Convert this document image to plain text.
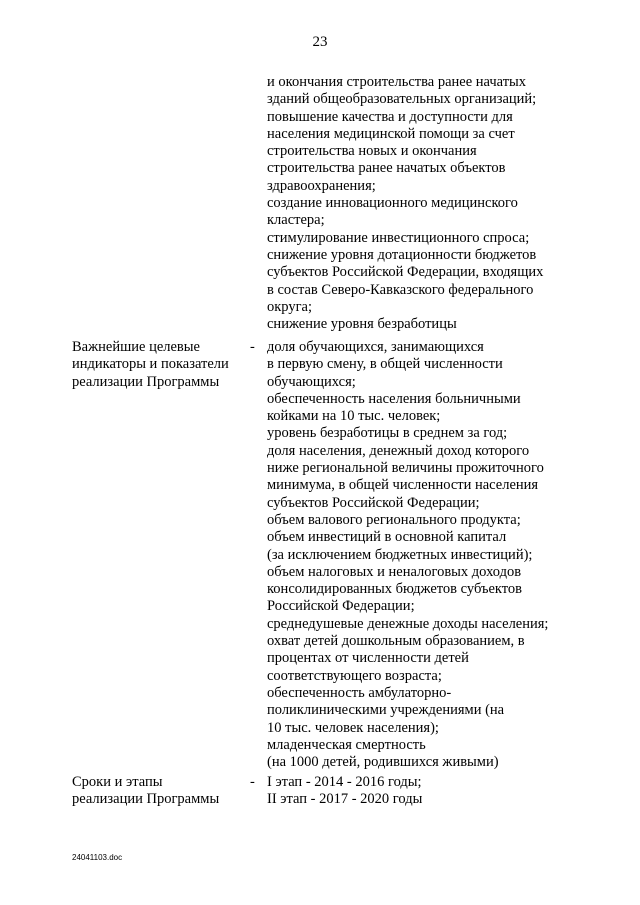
23
и окончания строительства ранее начатых
зданий общеобразовательных организаций;
повышение качества и доступности для
населения медицинской помощи за счет
строительства новых и окончания
строительства ранее начатых объектов
здравоохранения;
создание инновационного медицинского
кластера;
стимулирование инвестиционного спроса;
снижение уровня дотационности бюджетов
субъектов Российской Федерации, входящих
в состав Северо-Кавказского федерального
округа;
снижение уровня безработицы
Важнейшие целевые
индикаторы и показатели
реализации Программы
- доля обучающихся, занимающихся
в первую смену, в общей численности
обучающихся;
обеспеченность населения больничными
койками на 10 тыс. человек;
уровень безработицы в среднем за год;
доля населения, денежный доход которого
ниже региональной величины прожиточного
минимума, в общей численности населения
субъектов Российской Федерации;
объем валового регионального продукта;
объем инвестиций в основной капитал
(за исключением бюджетных инвестиций);
объем налоговых и неналоговых доходов
консолидированных бюджетов субъектов
Российской Федерации;
среднедушевые денежные доходы населения;
охват детей дошкольным образованием, в
процентах от численности детей
соответствующего возраста;
обеспеченность амбулаторно-
поликлиническими учреждениями (на
10 тыс. человек населения);
младенческая смертность
(на 1000 детей, родившихся живыми)
Сроки и этапы
реализации Программы
- I этап - 2014 - 2016 годы;
II этап - 2017 - 2020 годы
24041103.doc
